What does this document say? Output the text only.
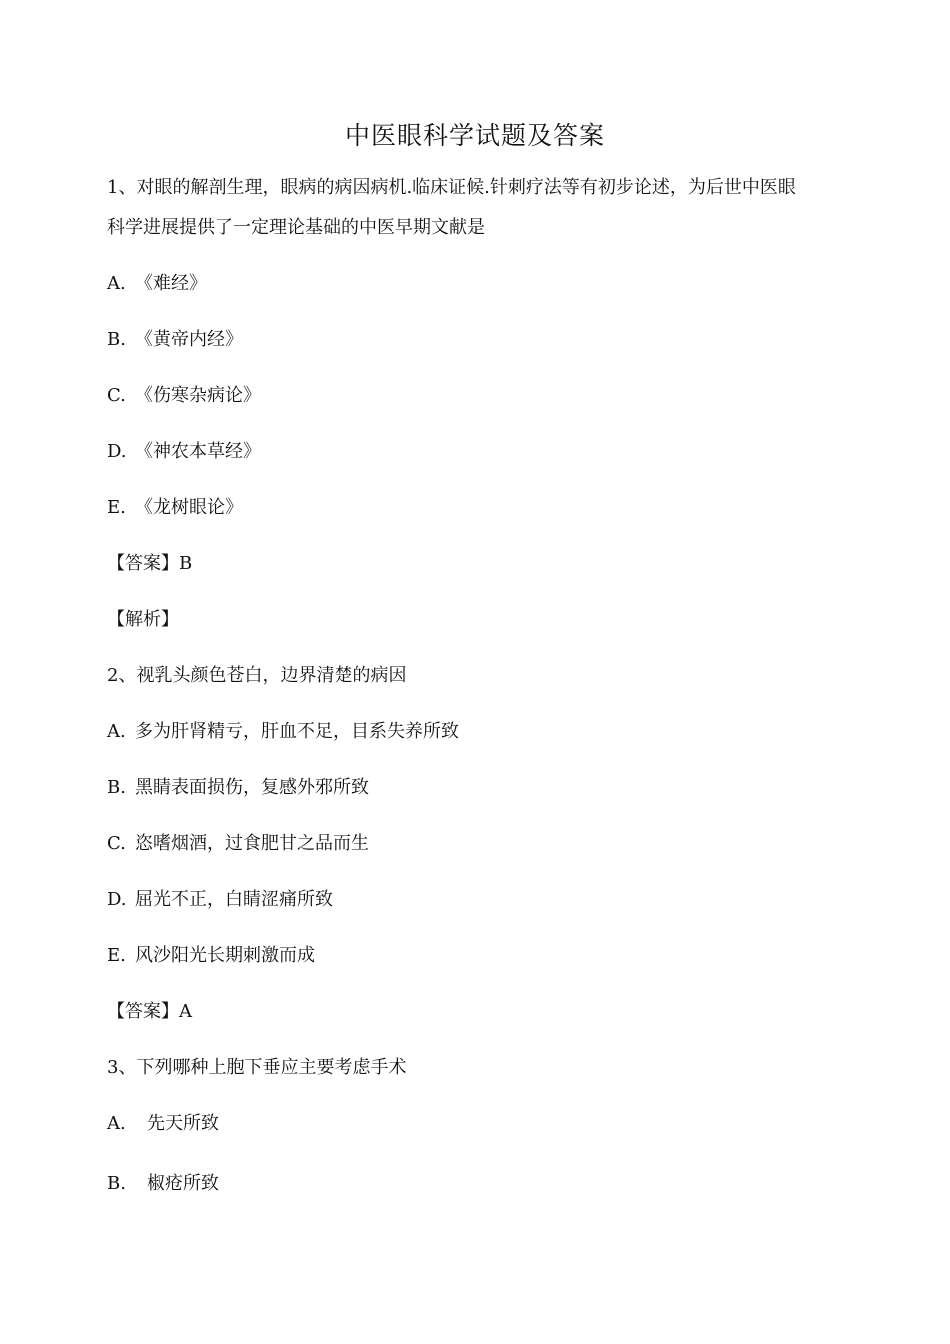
中医眼科学试题及答案
1、对眼的解剖生理，眼病的病因病机.临床证候.针刺疗法等有初步论述，为后世中医眼
科学进展提供了一定理论基础的中医早期文献是
A. 《难经》
B. 《黄帝内经》
C. 《伤寒杂病论》
D. 《神农本草经》
E. 《龙树眼论》
【答案】B
【解析】
2、视乳头颜色苍白，边界清楚的病因
A. 多为肝肾精亏，肝血不足，目系失养所致
B. 黑睛表面损伤，复感外邪所致
C. 恣嗜烟酒，过食肥甘之品而生
D. 屈光不正，白睛涩痛所致
E. 风沙阳光长期刺激而成
【答案】A
3、下列哪种上胞下垂应主要考虑手术
A. 先天所致
B. 椒疮所致
